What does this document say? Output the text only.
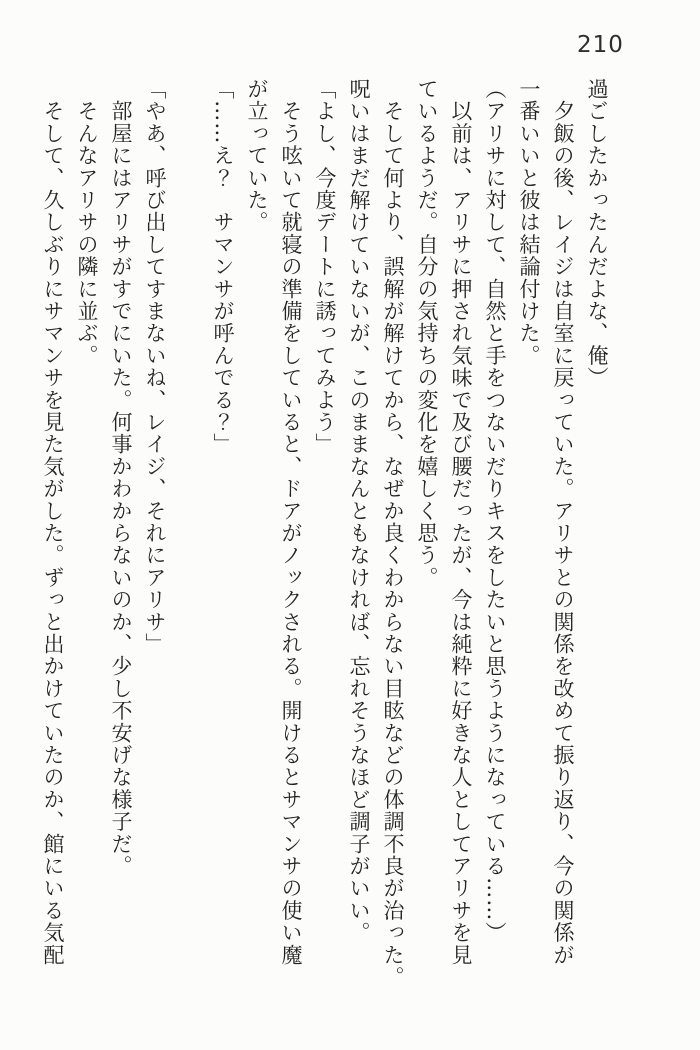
210

過ごしたかったんだよな、俺）

　夕飯の後、レイジは自室に戻っていた。アリサとの関係を改めて振り返り、今の関係が

一番いいと彼は結論付けた。

（アリサに対して、自然と手をつないだりキスをしたいと思うようになっている……）

　以前は、アリサに押され気味で及び腰だったが、今は純粋に好きな人としてアリサを見

ているようだ。自分の気持ちの変化を嬉しく思う。

　そして何より、誤解が解けてから、なぜか良くわからない目眩などの体調不良が治った。

呪いはまだ解けていないが、このままなんともなければ、忘れそうなほど調子がいい。

「よし、今度デートに誘ってみよう」

　そう呟いて就寝の準備をしていると、ドアがノックされる。開けるとサマンサの使い魔

が立っていた。

「……え？　サマンサが呼んでる？」

「やあ、呼び出してすまないね、レイジ、それにアリサ」

　部屋にはアリサがすでにいた。何事かわからないのか、少し不安げな様子だ。

　そんなアリサの隣に並ぶ。

　そして、久しぶりにサマンサを見た気がした。ずっと出かけていたのか、館にいる気配
